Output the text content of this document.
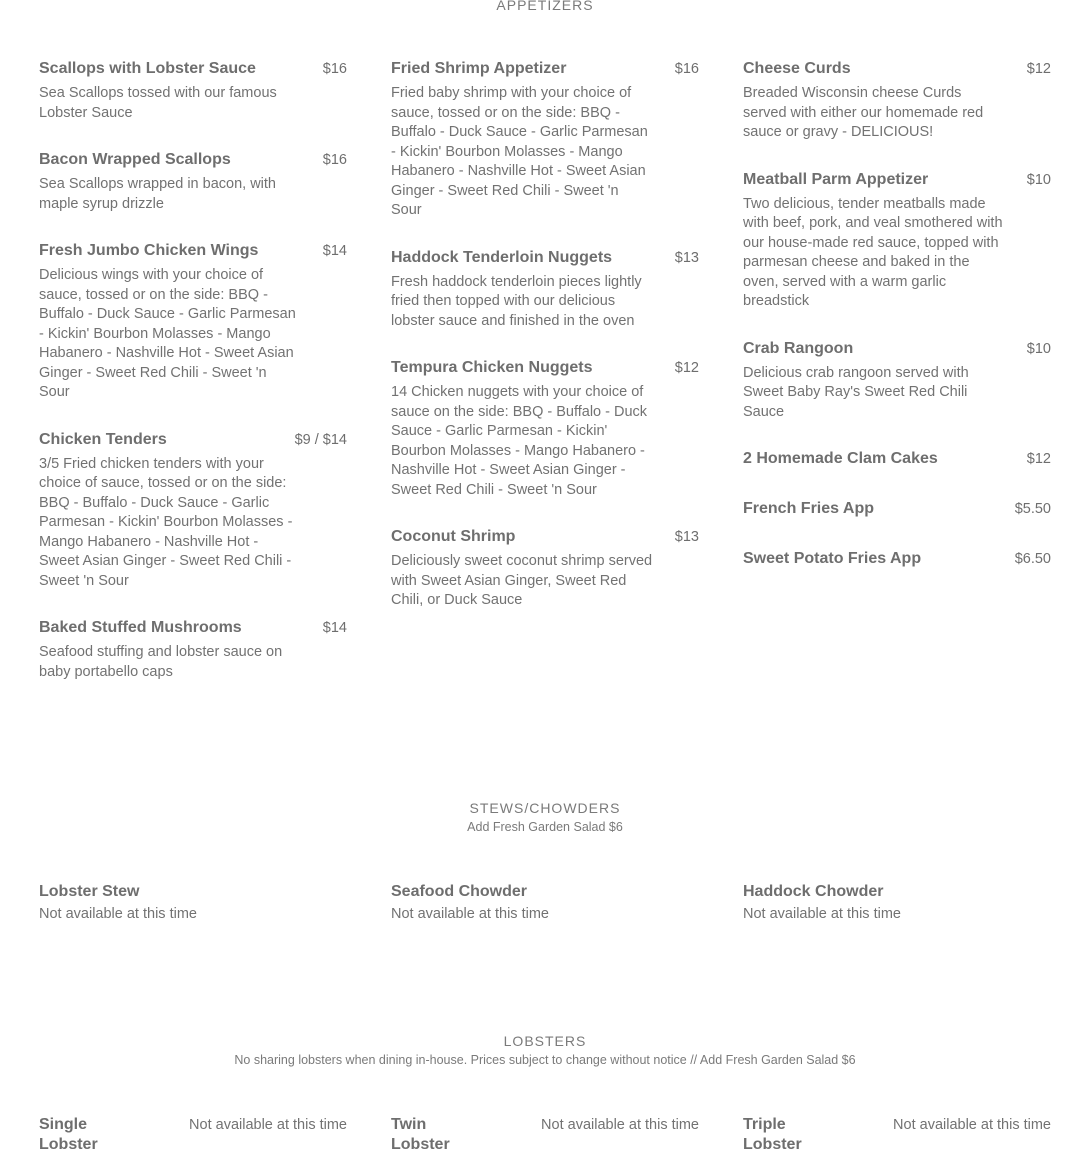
APPETIZERS
Scallops with Lobster Sauce	$16
Sea Scallops tossed with our famous Lobster Sauce
Bacon Wrapped Scallops	$16
Sea Scallops wrapped in bacon, with maple syrup drizzle
Fresh Jumbo Chicken Wings	$14
Delicious wings with your choice of sauce, tossed or on the side: BBQ - Buffalo - Duck Sauce - Garlic Parmesan - Kickin' Bourbon Molasses - Mango Habanero - Nashville Hot - Sweet Asian Ginger - Sweet Red Chili - Sweet 'n Sour
Chicken Tenders	$9 / $14
3/5 Fried chicken tenders with your choice of sauce, tossed or on the side: BBQ - Buffalo - Duck Sauce - Garlic Parmesan - Kickin' Bourbon Molasses - Mango Habanero - Nashville Hot - Sweet Asian Ginger - Sweet Red Chili - Sweet 'n Sour
Baked Stuffed Mushrooms	$14
Seafood stuffing and lobster sauce on baby portabello caps
Fried Shrimp Appetizer	$16
Fried baby shrimp with your choice of sauce, tossed or on the side: BBQ - Buffalo - Duck Sauce - Garlic Parmesan - Kickin' Bourbon Molasses - Mango Habanero - Nashville Hot - Sweet Asian Ginger - Sweet Red Chili - Sweet 'n Sour
Haddock Tenderloin Nuggets	$13
Fresh haddock tenderloin pieces lightly fried then topped with our delicious lobster sauce and finished in the oven
Tempura Chicken Nuggets	$12
14 Chicken nuggets with your choice of sauce on the side: BBQ - Buffalo - Duck Sauce - Garlic Parmesan - Kickin' Bourbon Molasses - Mango Habanero - Nashville Hot - Sweet Asian Ginger - Sweet Red Chili - Sweet 'n Sour
Coconut Shrimp	$13
Deliciously sweet coconut shrimp served with Sweet Asian Ginger, Sweet Red Chili, or Duck Sauce
Cheese Curds	$12
Breaded Wisconsin cheese Curds served with either our homemade red sauce or gravy - DELICIOUS!
Meatball Parm Appetizer	$10
Two delicious, tender meatballs made with beef, pork, and veal smothered with our house-made red sauce, topped with parmesan cheese and baked in the oven, served with a warm garlic breadstick
Crab Rangoon	$10
Delicious crab rangoon served with Sweet Baby Ray's Sweet Red Chili Sauce
2 Homemade Clam Cakes	$12
French Fries App	$5.50
Sweet Potato Fries App	$6.50
STEWS/CHOWDERS
Add Fresh Garden Salad $6
Lobster Stew
Not available at this time
Seafood Chowder
Not available at this time
Haddock Chowder
Not available at this time
LOBSTERS
No sharing lobsters when dining in-house. Prices subject to change without notice // Add Fresh Garden Salad $6
Single Lobster
Not available at this time	Twin Lobster
Not available at this time	Triple Lobster
Not available at this time
